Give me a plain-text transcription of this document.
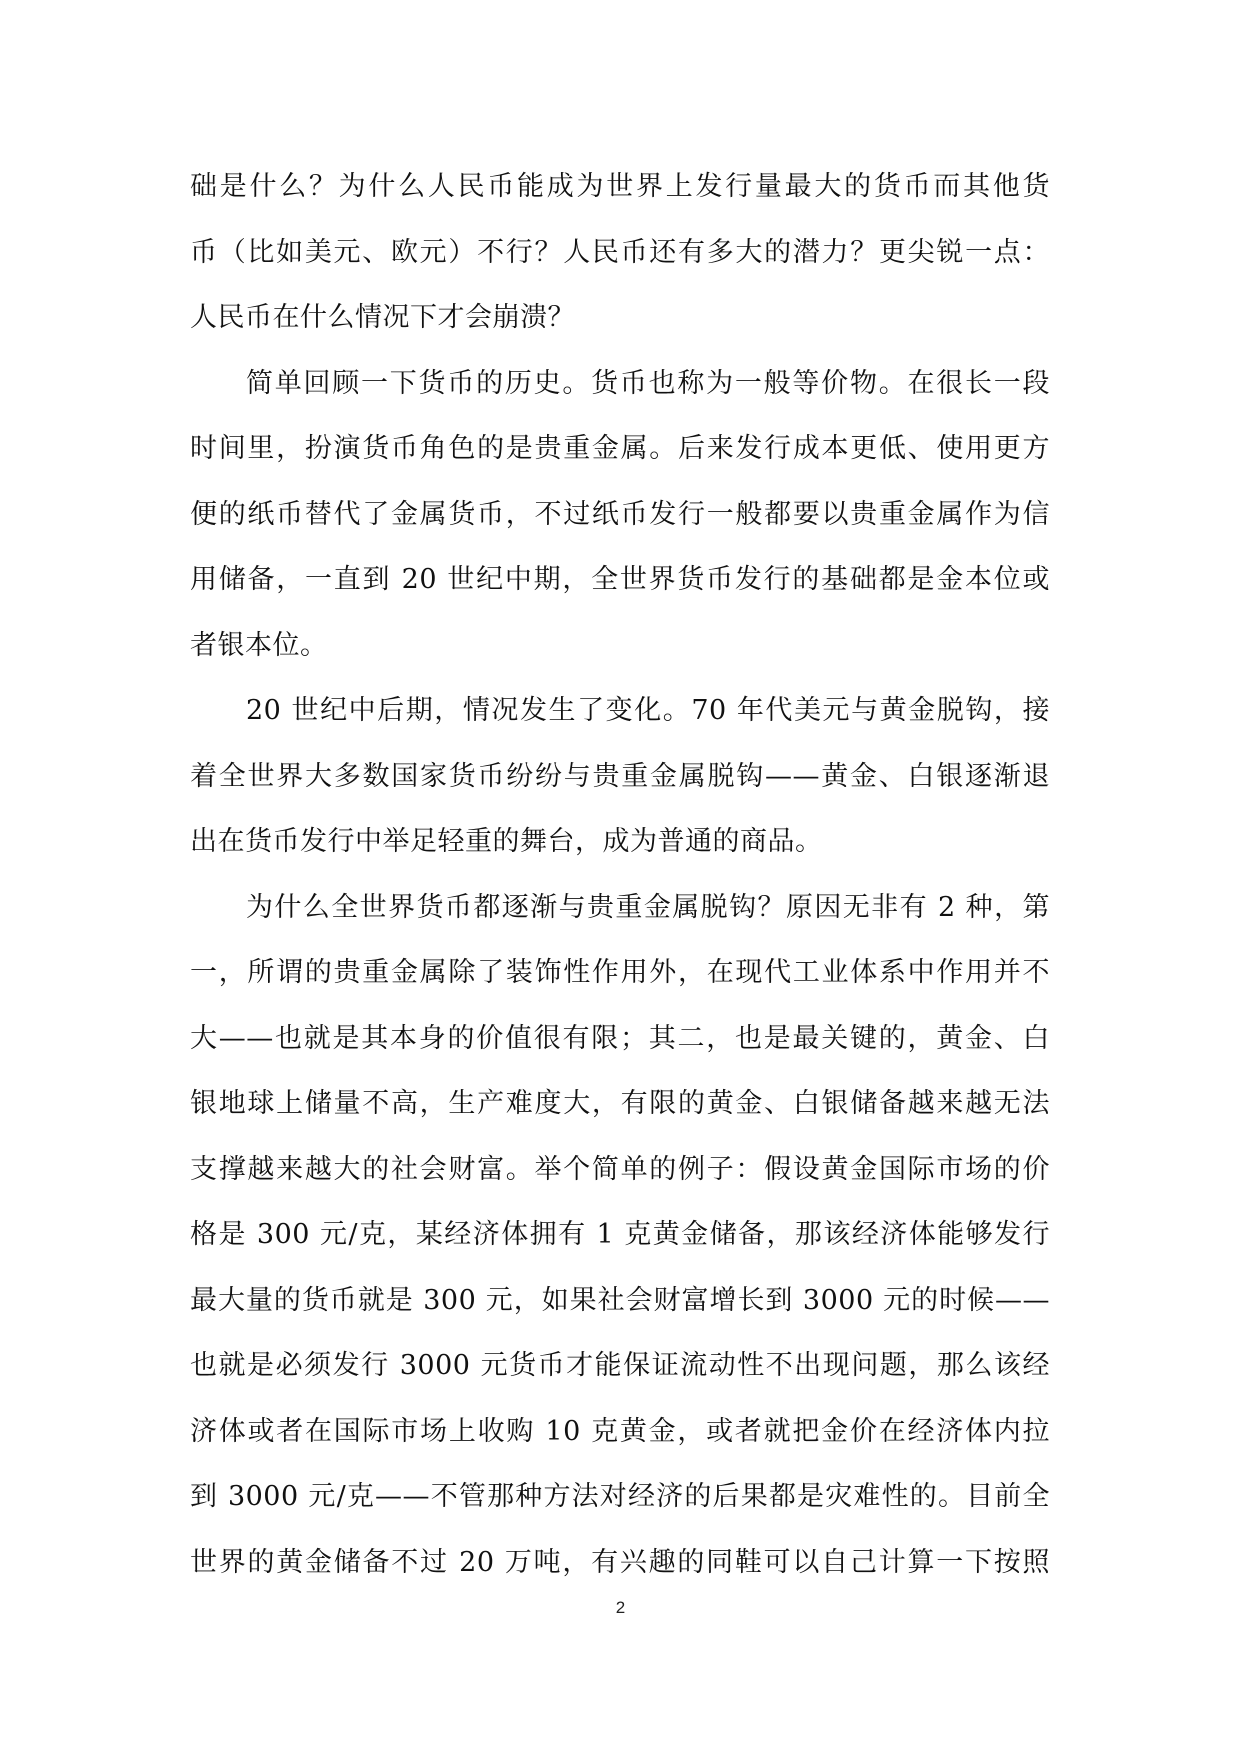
础是什么？为什么人民币能成为世界上发行量最大的货币而其他货
币（比如美元、欧元）不行？人民币还有多大的潜力？更尖锐一点：
人民币在什么情况下才会崩溃？
简单回顾一下货币的历史。货币也称为一般等价物。在很长一段
时间里，扮演货币角色的是贵重金属。后来发行成本更低、使用更方
便的纸币替代了金属货币，不过纸币发行一般都要以贵重金属作为信
用储备，一直到 20 世纪中期，全世界货币发行的基础都是金本位或
者银本位。
20 世纪中后期，情况发生了变化。70 年代美元与黄金脱钩，接
着全世界大多数国家货币纷纷与贵重金属脱钩——黄金、白银逐渐退
出在货币发行中举足轻重的舞台，成为普通的商品。
为什么全世界货币都逐渐与贵重金属脱钩？原因无非有 2 种，第
一，所谓的贵重金属除了装饰性作用外，在现代工业体系中作用并不
大——也就是其本身的价值很有限；其二，也是最关键的，黄金、白
银地球上储量不高，生产难度大，有限的黄金、白银储备越来越无法
支撑越来越大的社会财富。举个简单的例子：假设黄金国际市场的价
格是 300 元/克，某经济体拥有 1 克黄金储备，那该经济体能够发行
最大量的货币就是 300 元，如果社会财富增长到 3000 元的时候——
也就是必须发行 3000 元货币才能保证流动性不出现问题，那么该经
济体或者在国际市场上收购 10 克黄金，或者就把金价在经济体内拉
到 3000 元/克——不管那种方法对经济的后果都是灾难性的。目前全
世界的黄金储备不过 20 万吨，有兴趣的同鞋可以自己计算一下按照
2
